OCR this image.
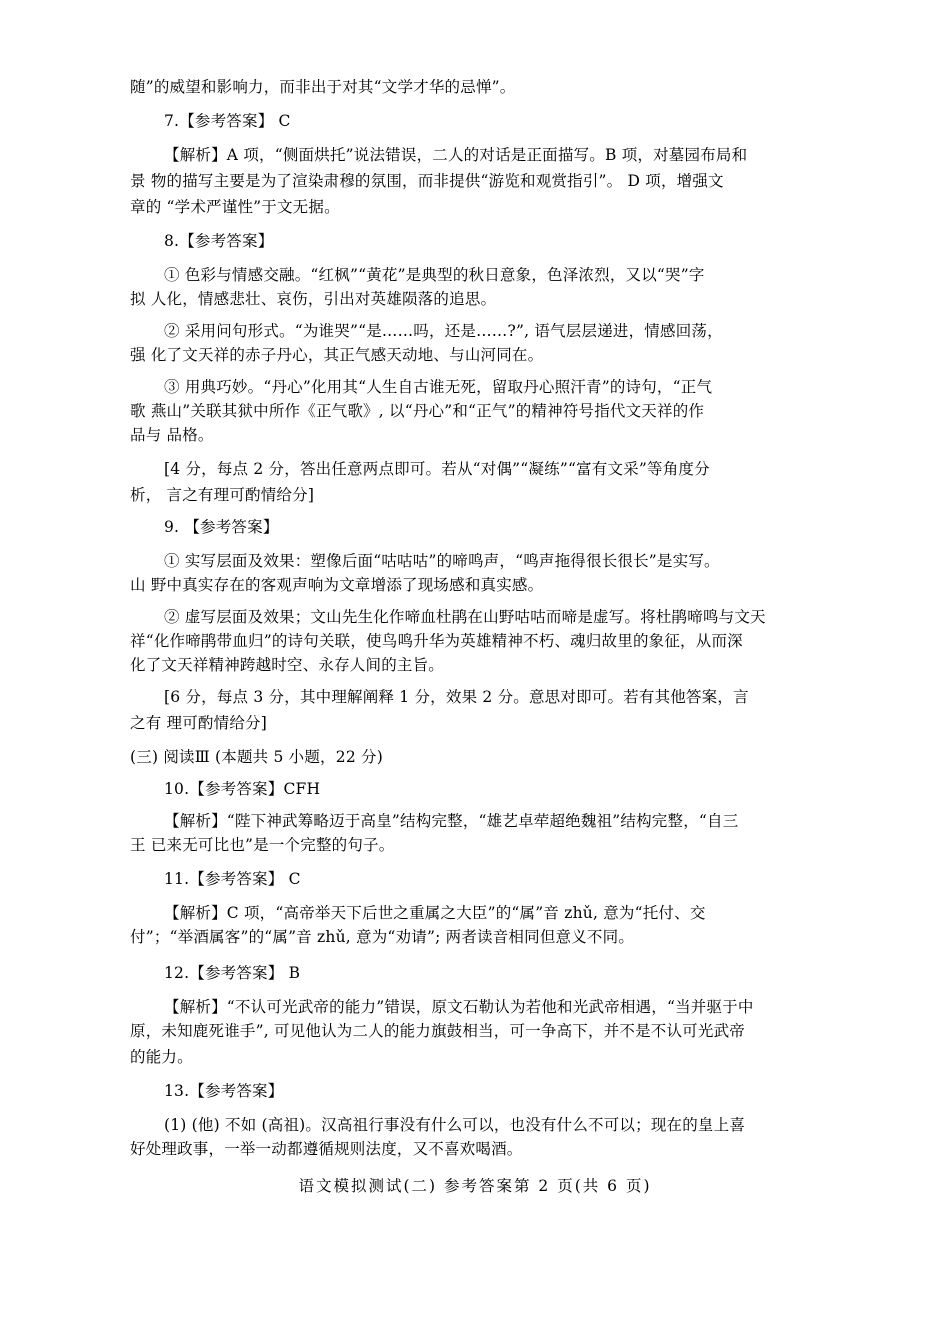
随”的威望和影响力，而非出于对其“文学才华的忌惮”。
7.【参考答案】 C
【解析】A 项，“侧面烘托”说法错误，二人的对话是正面描写。B 项，对墓园布局和
景 物的描写主要是为了渲染肃穆的氛围，而非提供“游览和观赏指引”。 D 项，增强文
章的 “学术严谨性”于文无据。
8.【参考答案】
① 色彩与情感交融。“红枫”“黄花”是典型的秋日意象，色泽浓烈，又以“哭”字
拟 人化，情感悲壮、哀伤，引出对英雄陨落的追思。
② 采用问句形式。“为谁哭”“是……吗，还是……?”, 语气层层递进，情感回荡，
强 化了文天祥的赤子丹心，其正气感天动地、与山河同在。
③ 用典巧妙。“丹心”化用其“人生自古谁无死，留取丹心照汗青”的诗句，“正气
歌 燕山”关联其狱中所作《正气歌》, 以“丹心”和“正气”的精神符号指代文天祥的作
品与 品格。
[4 分，每点 2 分，答出任意两点即可。若从“对偶”“凝练”“富有文采”等角度分
析， 言之有理可酌情给分]
9. 【参考答案】
① 实写层面及效果：塑像后面“咕咕咕”的啼鸣声，“鸣声拖得很长很长”是实写。
山 野中真实存在的客观声响为文章增添了现场感和真实感。
② 虚写层面及效果；文山先生化作啼血杜鹃在山野咕咕而啼是虚写。将杜鹃啼鸣与文天
祥“化作啼鹃带血归”的诗句关联，使鸟鸣升华为英雄精神不朽、魂归故里的象征，从而深
化了文天祥精神跨越时空、永存人间的主旨。
[6 分，每点 3 分，其中理解阐释 1 分，效果 2 分。意思对即可。若有其他答案，言
之有 理可酌情给分]
(三) 阅读Ⅲ (本题共 5 小题，22 分)
10.【参考答案】CFH
【解析】“陛下神武筹略迈于高皇”结构完整，“雄艺卓荦超绝魏祖”结构完整，“自三
王 已来无可比也”是一个完整的句子。
11.【参考答案】 C
【解析】C 项，“高帝举天下后世之重属之大臣”的“属”音 zhǔ, 意为“托付、交
付”；“举酒属客”的“属”音 zhǔ, 意为“劝请”; 两者读音相同但意义不同。
12.【参考答案】 B
【解析】“不认可光武帝的能力”错误，原文石勒认为若他和光武帝相遇，“当并驱于中
原，未知鹿死谁手”, 可见他认为二人的能力旗鼓相当，可一争高下，并不是不认可光武帝
的能力。
13.【参考答案】
(1) (他) 不如 (高祖)。汉高祖行事没有什么可以，也没有什么不可以；现在的皇上喜
好处理政事，一举一动都遵循规则法度，又不喜欢喝酒。
语文模拟测试(二) 参考答案第 2 页(共 6 页)
